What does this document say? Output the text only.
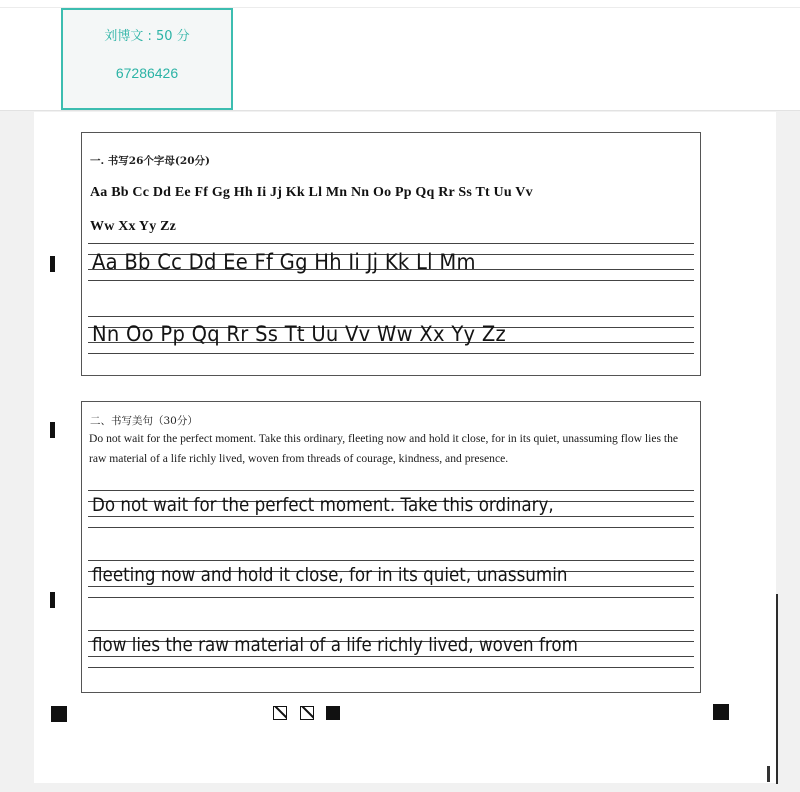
刘博文 : 50 分
67286426
一. 书写26个字母(20分)
Aa Bb Cc Dd Ee Ff Gg Hh Ii Jj Kk Ll Mn Nn Oo Pp Qq Rr Ss Tt Uu Vv
Ww Xx Yy Zz
Aa Bb Cc Dd Ee Ff Gg Hh Ii Jj Kk Ll Mm
Nn Oo Pp Qq Rr Ss Tt Uu Vv Ww Xx Yy Zz
二、书写美句（30分）
Do not wait for the perfect moment. Take this ordinary, fleeting now and hold it close, for in its quiet, unassuming flow lies the raw material of a life richly lived, woven from threads of courage, kindness, and presence.
Do not wait for the perfect moment. Take this ordinary,
fleeting now and hold it close, for in its quiet, unassumin
flow lies the raw material of a life richly lived, woven from
